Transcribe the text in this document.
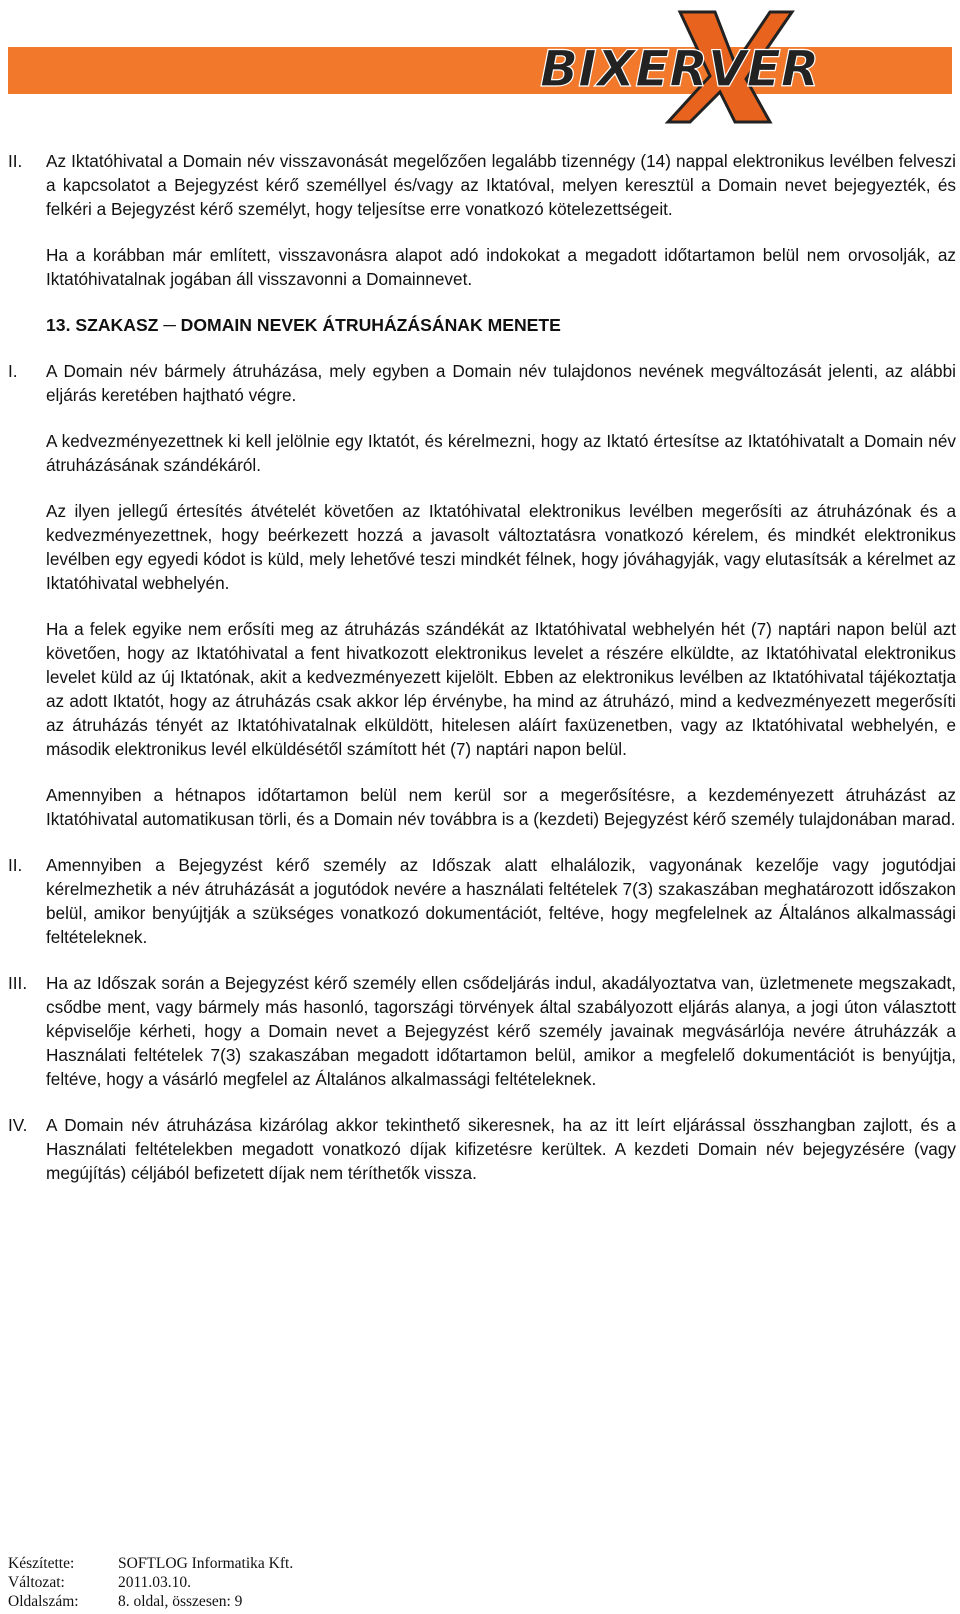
BIXERVER
II.	Az Iktatóhivatal a Domain név visszavonását megelőzően legalább tizennégy (14) nappal elektronikus levélben felveszi a kapcsolatot a Bejegyzést kérő személlyel és/vagy az Iktatóval, melyen keresztül a Domain nevet bejegyezték, és felkéri a Bejegyzést kérő személyt, hogy teljesítse erre vonatkozó kötelezettségeit.

Ha a korábban már említett, visszavonásra alapot adó indokokat a megadott időtartamon belül nem orvosolják, az Iktatóhivatalnak jogában áll visszavonni a Domainnevet.

13. SZAKASZ ─ DOMAIN NEVEK ÁTRUHÁZÁSÁNAK MENETE
I.	A Domain név bármely átruházása, mely egyben a Domain név tulajdonos nevének megváltozását jelenti, az alábbi eljárás keretében hajtható végre.

A kedvezményezettnek ki kell jelölnie egy Iktatót, és kérelmezni, hogy az Iktató értesítse az Iktatóhivatalt a Domain név átruházásának szándékáról.

Az ilyen jellegű értesítés átvételét követően az Iktatóhivatal elektronikus levélben megerősíti az átruházónak és a kedvezményezettnek, hogy beérkezett hozzá a javasolt változtatásra vonatkozó kérelem, és mindkét elektronikus levélben egy egyedi kódot is küld, mely lehetővé teszi mindkét félnek, hogy jóváhagyják, vagy elutasítsák a kérelmet az Iktatóhivatal webhelyén.

Ha a felek egyike nem erősíti meg az átruházás szándékát az Iktatóhivatal webhelyén hét (7) naptári napon belül azt követően, hogy az Iktatóhivatal a fent hivatkozott elektronikus levelet a részére elküldte, az Iktatóhivatal elektronikus levelet küld az új Iktatónak, akit a kedvezményezett kijelölt. Ebben az elektronikus levélben az Iktatóhivatal tájékoztatja az adott Iktatót, hogy az átruházás csak akkor lép érvénybe, ha mind az átruházó, mind a kedvezményezett megerősíti az átruházás tényét az Iktatóhivatalnak elküldött, hitelesen aláírt faxüzenetben, vagy az Iktatóhivatal webhelyén, e második elektronikus levél elküldésétől számított hét (7) naptári napon belül.

Amennyiben a hétnapos időtartamon belül nem kerül sor a megerősítésre, a kezdeményezett átruházást az Iktatóhivatal automatikusan törli, és a Domain név továbbra is a (kezdeti) Bejegyzést kérő személy tulajdonában marad.

II.	Amennyiben a Bejegyzést kérő személy az Időszak alatt elhalálozik, vagyonának kezelője vagy jogutódjai kérelmezhetik a név átruházását a jogutódok nevére a használati feltételek 7(3) szakaszában meghatározott időszakon belül, amikor benyújtják a szükséges vonatkozó dokumentációt, feltéve, hogy megfelelnek az Általános alkalmassági feltételeknek.

III.	Ha az Időszak során a Bejegyzést kérő személy ellen csődeljárás indul, akadályoztatva van, üzletmenete megszakadt, csődbe ment, vagy bármely más hasonló, tagországi törvények által szabályozott eljárás alanya, a jogi úton választott képviselője kérheti, hogy a Domain nevet a Bejegyzést kérő személy javainak megvásárlója nevére átruházzák a Használati feltételek 7(3) szakaszában megadott időtartamon belül, amikor a megfelelő dokumentációt is benyújtja, feltéve, hogy a vásárló megfelel az Általános alkalmassági feltételeknek.

IV.	A Domain név átruházása kizárólag akkor tekinthető sikeresnek, ha az itt leírt eljárással összhangban zajlott, és a Használati feltételekben megadott vonatkozó díjak kifizetésre kerültek. A kezdeti Domain név bejegyzésére (vagy megújítás) céljából befizetett díjak nem téríthetők vissza.

Készítette:	SOFTLOG Informatika Kft.
Változat:	2011.03.10.
Oldalszám:	8. oldal, összesen: 9
